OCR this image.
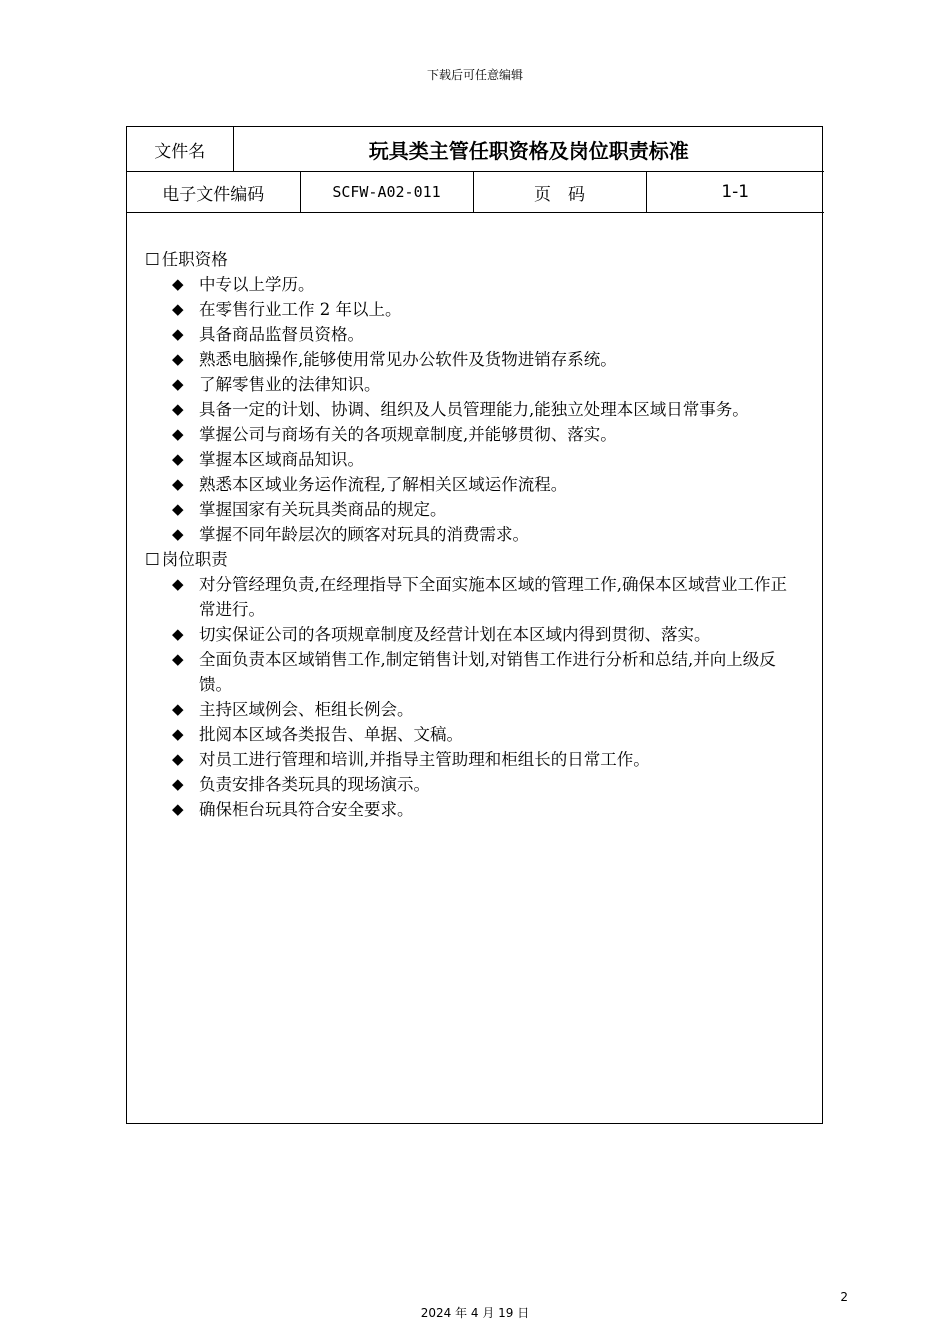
下载后可任意编辑
文件名	玩具类主管任职资格及岗位职责标准			
电子文件编码		SCFW-A02-011	页　码	1-1

☐ 任职资格

◆ 中专以上学历。
◆ 在零售行业工作 2 年以上。
◆ 具备商品监督员资格。
◆ 熟悉电脑操作,能够使用常见办公软件及货物进销存系统。
◆ 了解零售业的法律知识。
◆ 具备一定的计划、协调、组织及人员管理能力,能独立处理本区域日常事务。
◆ 掌握公司与商场有关的各项规章制度,并能够贯彻、落实。
◆ 掌握本区域商品知识。
◆ 熟悉本区域业务运作流程,了解相关区域运作流程。
◆ 掌握国家有关玩具类商品的规定。
◆ 掌握不同年龄层次的顾客对玩具的消费需求。

☐ 岗位职责

◆ 对分管经理负责,在经理指导下全面实施本区域的管理工作,确保本区域营业工作正常进行。
◆ 切实保证公司的各项规章制度及经营计划在本区域内得到贯彻、落实。
◆ 全面负责本区域销售工作,制定销售计划,对销售工作进行分析和总结,并向上级反馈。
◆ 主持区域例会、柜组长例会。
◆ 批阅本区域各类报告、单据、文稿。
◆ 对员工进行管理和培训,并指导主管助理和柜组长的日常工作。
◆ 负责安排各类玩具的现场演示。
◆ 确保柜台玩具符合安全要求。
2
2024 年 4 月 19 日
